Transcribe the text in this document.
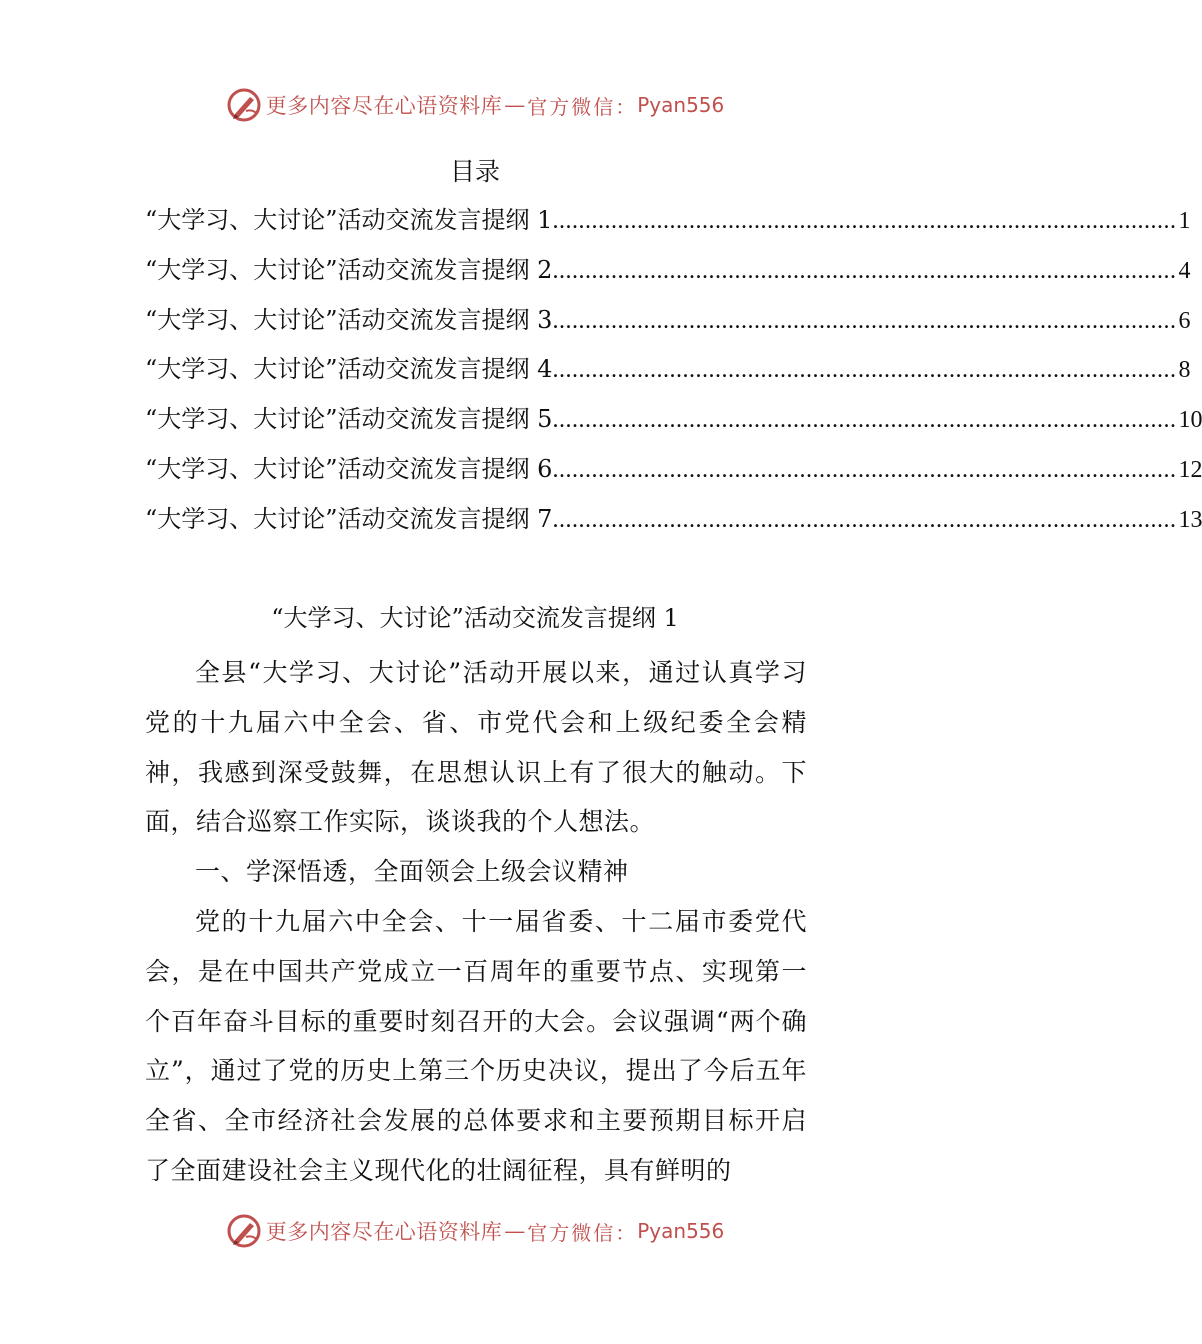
更多内容尽在心语资料库 — 官方微信： Pyan556
目录
“大学习、大讨论”活动交流发言提纲 1 ................................................................................................ 1
“大学习、大讨论”活动交流发言提纲 2 ................................................................................................ 4
“大学习、大讨论”活动交流发言提纲 3 ................................................................................................ 6
“大学习、大讨论”活动交流发言提纲 4 ................................................................................................ 8
“大学习、大讨论”活动交流发言提纲 5 ................................................................................................ 10
“大学习、大讨论”活动交流发言提纲 6 ................................................................................................ 12
“大学习、大讨论”活动交流发言提纲 7 ................................................................................................ 13
“大学习、大讨论”活动交流发言提纲 1

全县“大学习、大讨论”活动开展以来，通过认真学习党的十九届六中全会、省、市党代会和上级纪委全会精神，我感到深受鼓舞，在思想认识上有了很大的触动。下面，结合巡察工作实际，谈谈我的个人想法。

一、学深悟透，全面领会上级会议精神

党的十九届六中全会、十一届省委、十二届市委党代会，是在中国共产党成立一百周年的重要节点、实现第一个百年奋斗目标的重要时刻召开的大会。会议强调“两个确立”，通过了党的历史上第三个历史决议，提出了今后五年全省、全市经济社会发展的总体要求和主要预期目标开启了全面建设社会主义现代化的壮阔征程，具有鲜明的

更多内容尽在心语资料库 — 官方微信： Pyan556
